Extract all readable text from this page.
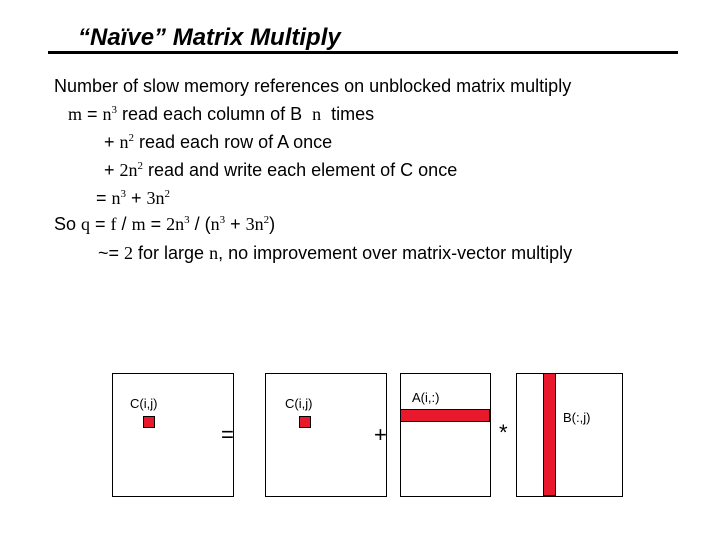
“Naïve” Matrix Multiply
Number of slow memory references on unblocked matrix multiply
$m = n^3$ read each column of B  n  times
+ $n^2$ read each row of A once
+ $2n^2$ read and write each element of C once
= $n^3 + 3n^2$
So $q = f / m = 2n^3 / (n^3 + 3n^2)$
~= 2 for large n, no improvement over matrix-vector multiply
C(i,j)
=
C(i,j)
+
A(i,:)
*
B(:,j)
